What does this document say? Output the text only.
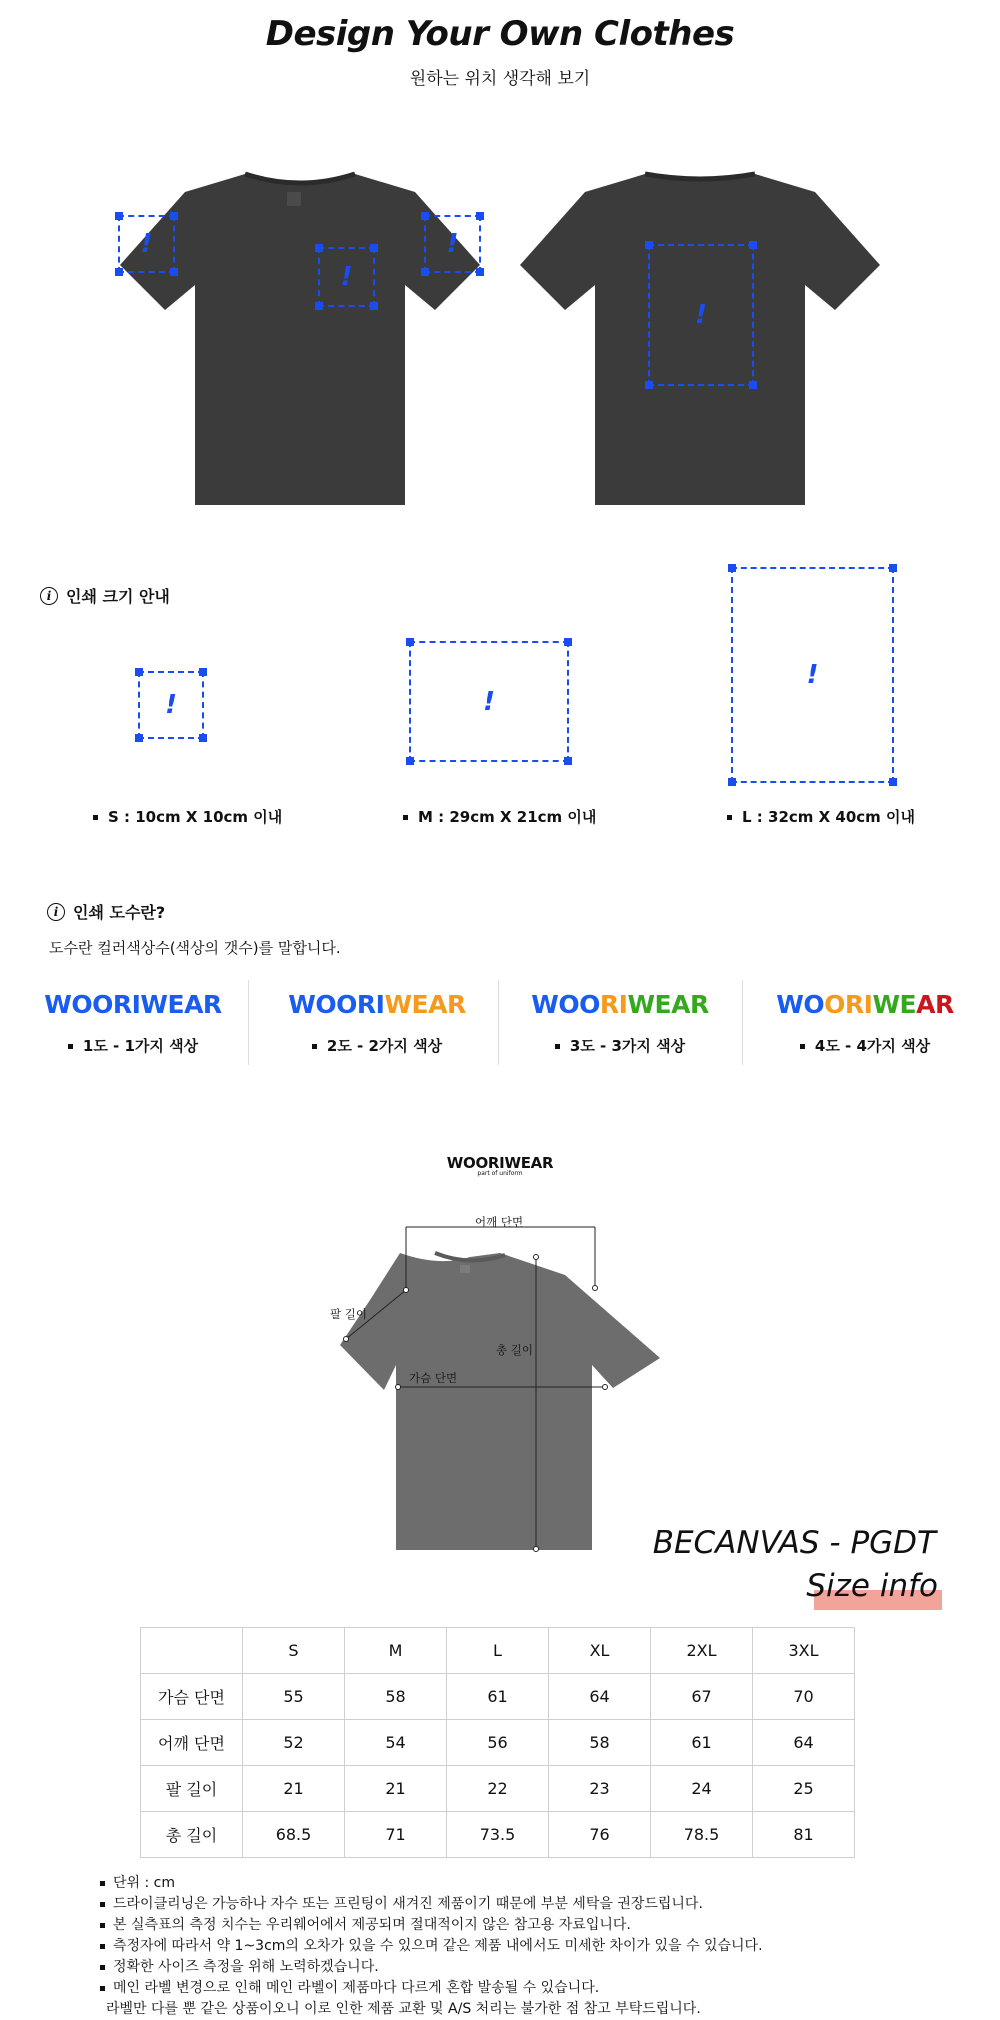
Design Your Own Clothes
원하는 위치 생각해 보기
!
!
!
!
i 인쇄 크기 안내
!	!
!
S : 10cm X 10cm 이내	M : 29cm X 21cm 이내	L : 32cm X 40cm 이내
i 인쇄 도수란?
도수란 컬러색상수(색상의 갯수)를 말합니다.
WOORIWEAR
1도 - 1가지 색상
WOORIWEAR
2도 - 2가지 색상
WOORIWEAR
3도 - 3가지 색상
WOORIWEAR
4도 - 4가지 색상
WOORIWEAR
part of uniform
어깨 단면
팔 길이
총 길이
가슴 단면
BECANVAS - PGDT
Size info
	S	M	L	XL	2XL	3XL
가슴 단면	55	58	61	64	67	70
어깨 단면	52	54	56	58	61	64
팔 길이	21	21	22	23	24	25
총 길이	68.5	71	73.5	76	78.5	81
단위 : cm
드라이클리닝은 가능하나 자수 또는 프린팅이 새겨진 제품이기 때문에 부분 세탁을 권장드립니다.
본 실측표의 측정 치수는 우리웨어에서 제공되며 절대적이지 않은 참고용 자료입니다.
측정자에 따라서 약 1~3cm의 오차가 있을 수 있으며 같은 제품 내에서도 미세한 차이가 있을 수 있습니다.
정확한 사이즈 측정을 위해 노력하겠습니다.
메인 라벨 변경으로 인해 메인 라벨이 제품마다 다르게 혼합 발송될 수 있습니다.
라벨만 다를 뿐 같은 상품이오니 이로 인한 제품 교환 및 A/S 처리는 불가한 점 참고 부탁드립니다.
